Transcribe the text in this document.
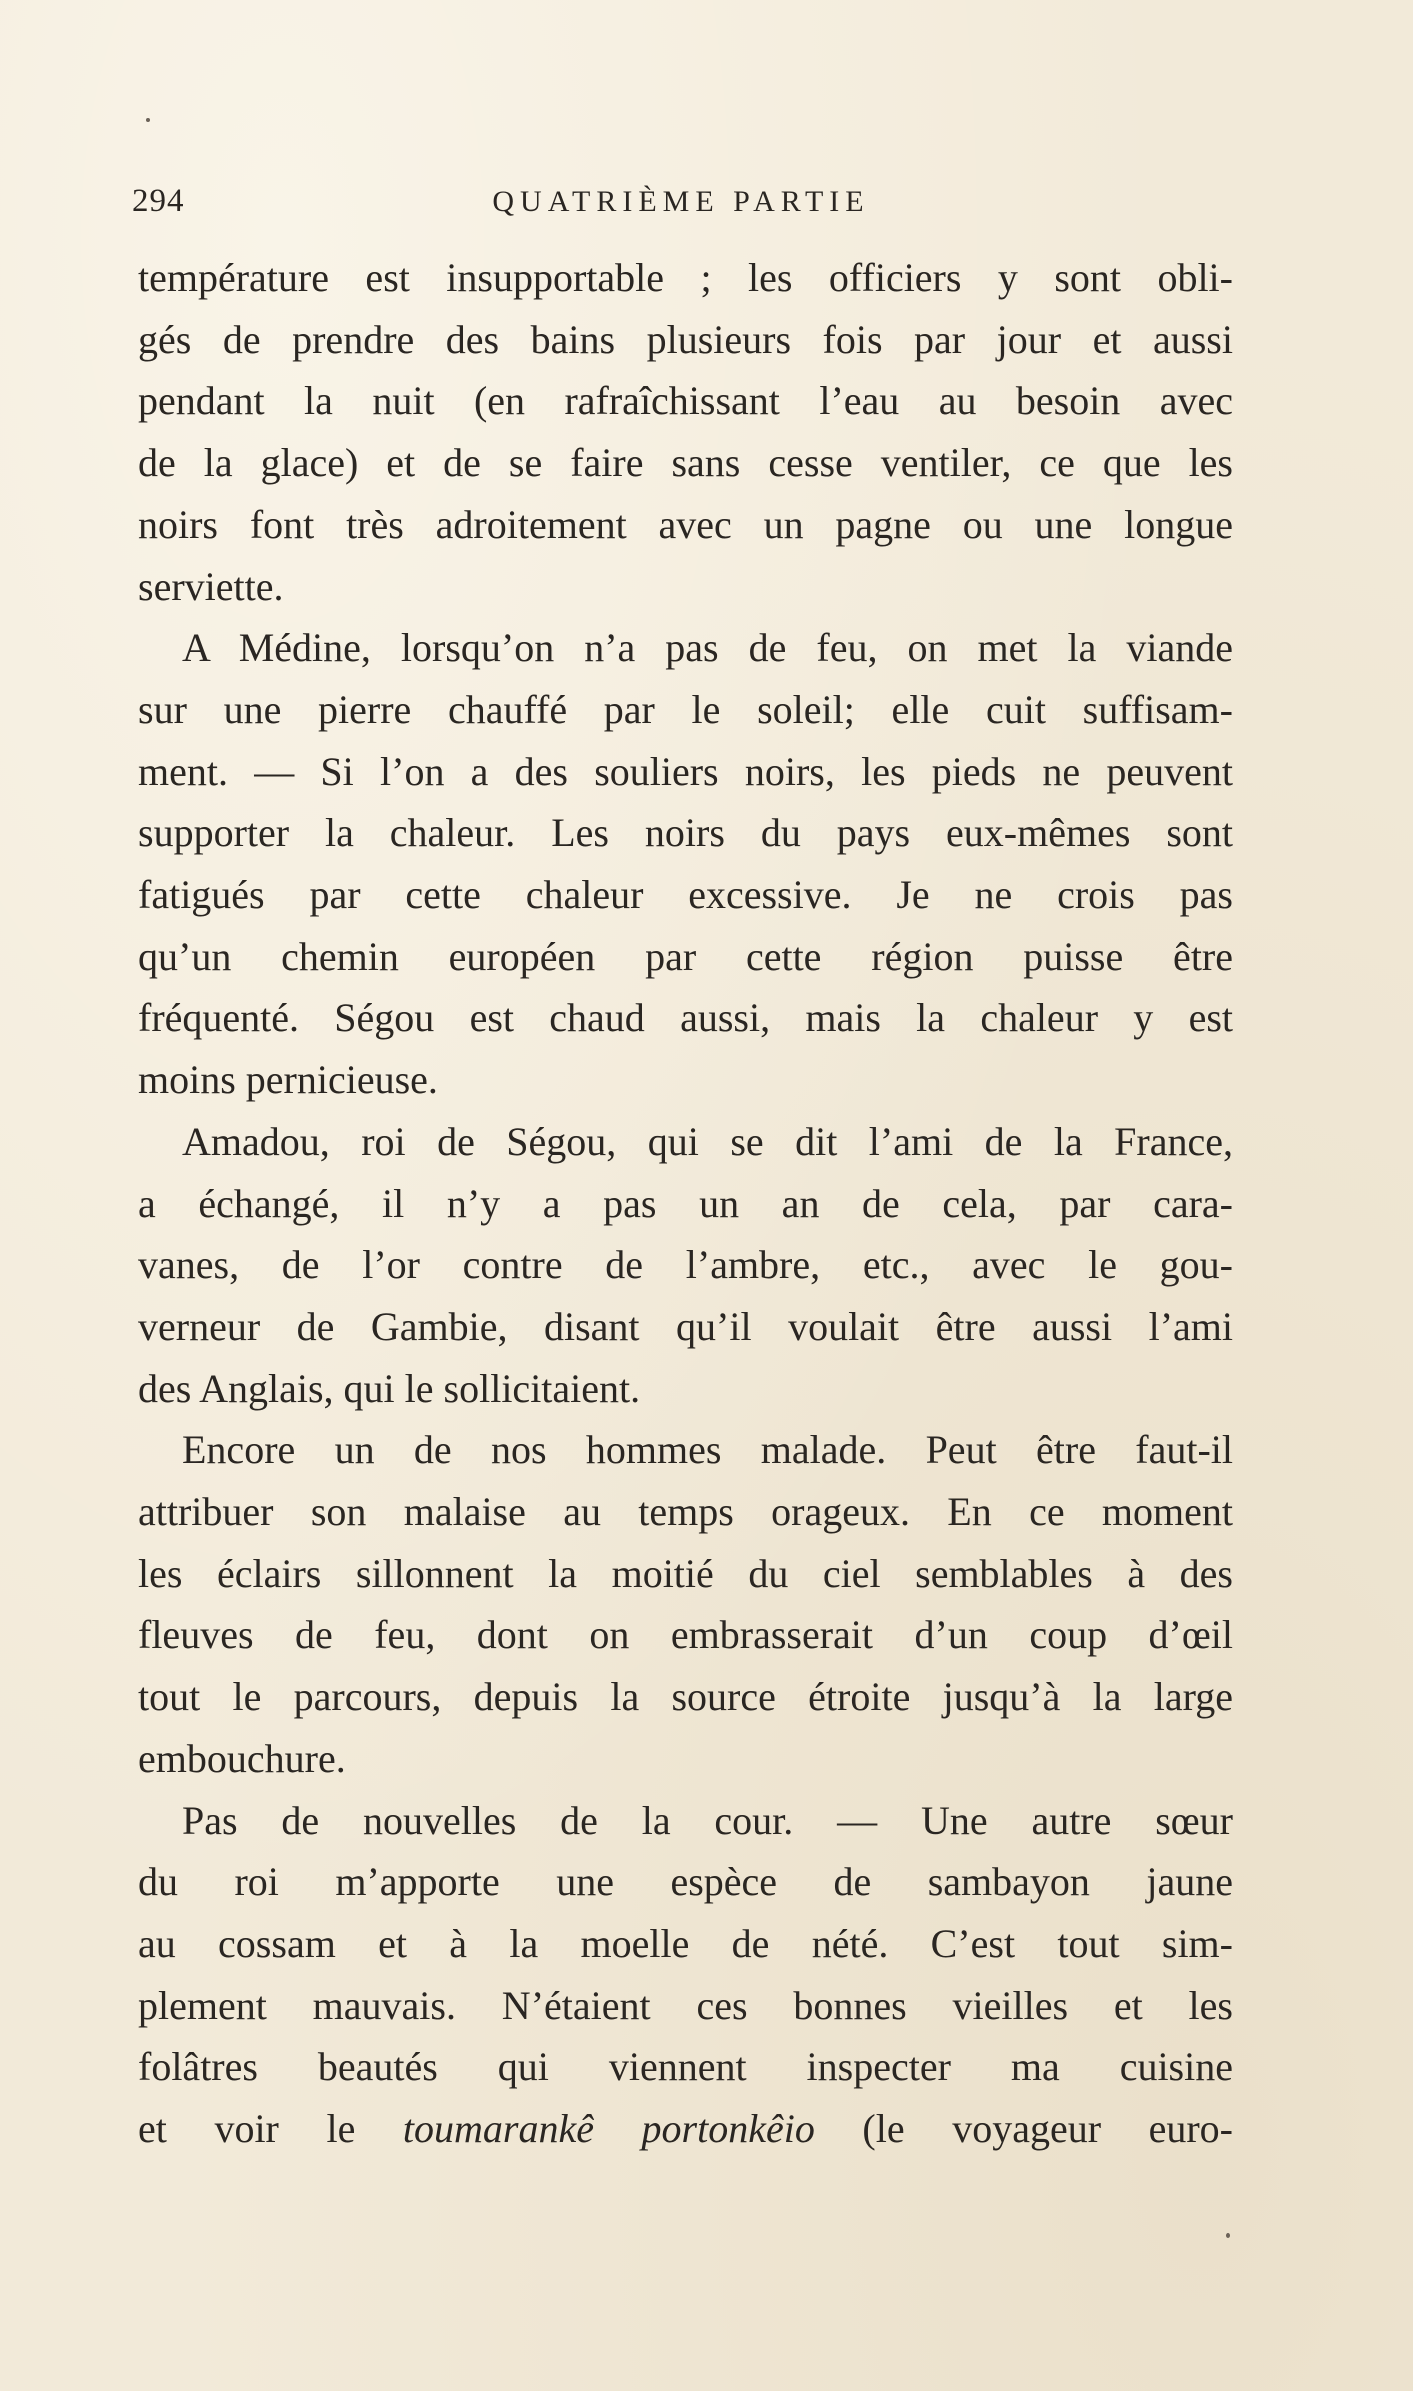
294	QUATRIÈME PARTIE

température est insupportable ; les officiers y sont obli-
gés de prendre des bains plusieurs fois par jour et aussi
pendant la nuit (en rafraîchissant l’eau au besoin avec
de la glace) et de se faire sans cesse ventiler, ce que les
noirs font très adroitement avec un pagne ou une longue
serviette.

A Médine, lorsqu’on n’a pas de feu, on met la viande
sur une pierre chauffé par le soleil; elle cuit suffisam-
ment. — Si l’on a des souliers noirs, les pieds ne peuvent
supporter la chaleur. Les noirs du pays eux-mêmes sont
fatigués par cette chaleur excessive. Je ne crois pas
qu’un chemin européen par cette région puisse être
fréquenté. Ségou est chaud aussi, mais la chaleur y est
moins pernicieuse.

Amadou, roi de Ségou, qui se dit l’ami de la France,
a échangé, il n’y a pas un an de cela, par cara-
vanes, de l’or contre de l’ambre, etc., avec le gou-
verneur de Gambie, disant qu’il voulait être aussi l’ami
des Anglais, qui le sollicitaient.

Encore un de nos hommes malade. Peut être faut-il
attribuer son malaise au temps orageux. En ce moment
les éclairs sillonnent la moitié du ciel semblables à des
fleuves de feu, dont on embrasserait d’un coup d’œil
tout le parcours, depuis la source étroite jusqu’à la large
embouchure.

Pas de nouvelles de la cour. — Une autre sœur
du roi m’apporte une espèce de sambayon jaune
au cossam et à la moelle de nété. C’est tout sim-
plement mauvais. N’étaient ces bonnes vieilles et les
folâtres beautés qui viennent inspecter ma cuisine
et voir le toumarankê portonkêio (le voyageur euro-
